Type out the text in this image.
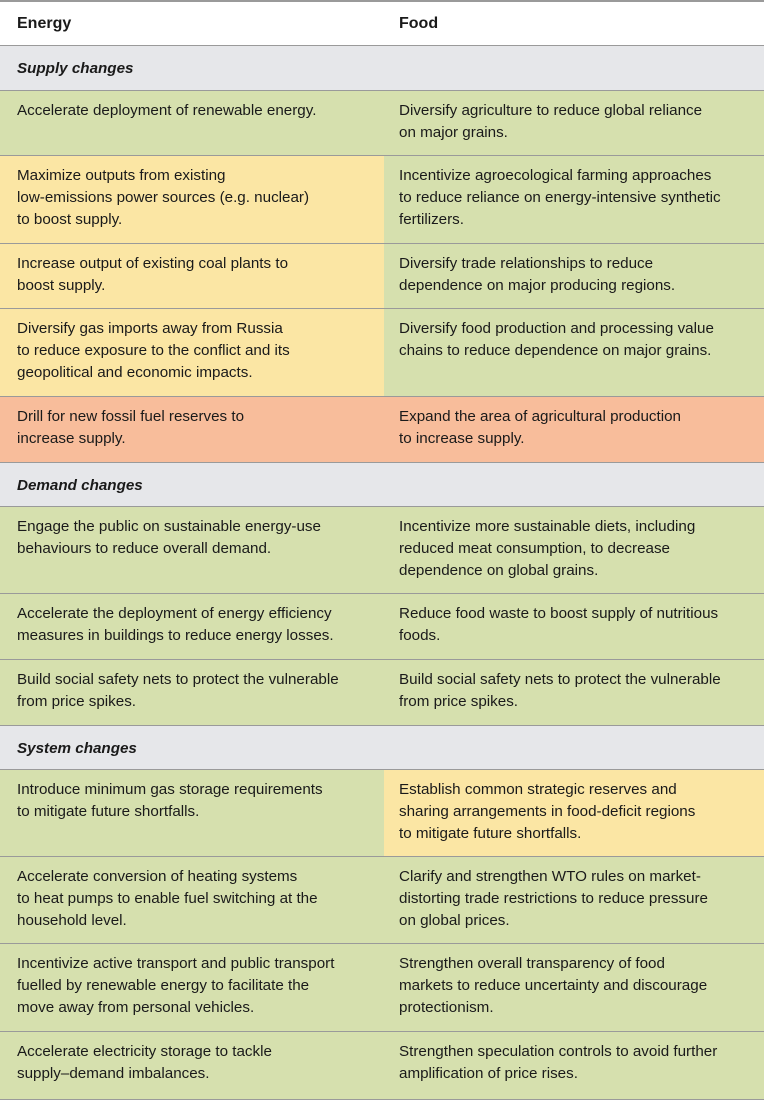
Energy	Food
Supply changes
Accelerate deployment of renewable energy.	Diversify agriculture to reduce global reliance
on major grains.
Maximize outputs from existing
low-emissions power sources (e.g. nuclear)
to boost supply.
Incentivize agroecological farming approaches
to reduce reliance on energy-intensive synthetic
fertilizers.
Increase output of existing coal plants to
boost supply.
Diversify trade relationships to reduce
dependence on major producing regions.
Diversify gas imports away from Russia
to reduce exposure to the conflict and its
geopolitical and economic impacts.
Diversify food production and processing value
chains to reduce dependence on major grains.
Drill for new fossil fuel reserves to
increase supply.
Expand the area of agricultural production
to increase supply.
Demand changes
Engage the public on sustainable energy-use
behaviours to reduce overall demand.
Incentivize more sustainable diets, including
reduced meat consumption, to decrease
dependence on global grains.
Accelerate the deployment of energy efficiency
measures in buildings to reduce energy losses.
Reduce food waste to boost supply of nutritious
foods.
Build social safety nets to protect the vulnerable
from price spikes.
Build social safety nets to protect the vulnerable
from price spikes.
System changes
Introduce minimum gas storage requirements
to mitigate future shortfalls.
Establish common strategic reserves and
sharing arrangements in food-deficit regions
to mitigate future shortfalls.
Accelerate conversion of heating systems
to heat pumps to enable fuel switching at the
household level.
Clarify and strengthen WTO rules on market-
distorting trade restrictions to reduce pressure
on global prices.
Incentivize active transport and public transport
fuelled by renewable energy to facilitate the
move away from personal vehicles.
Strengthen overall transparency of food
markets to reduce uncertainty and discourage
protectionism.
Accelerate electricity storage to tackle
supply–demand imbalances.
Strengthen speculation controls to avoid further
amplification of price rises.
